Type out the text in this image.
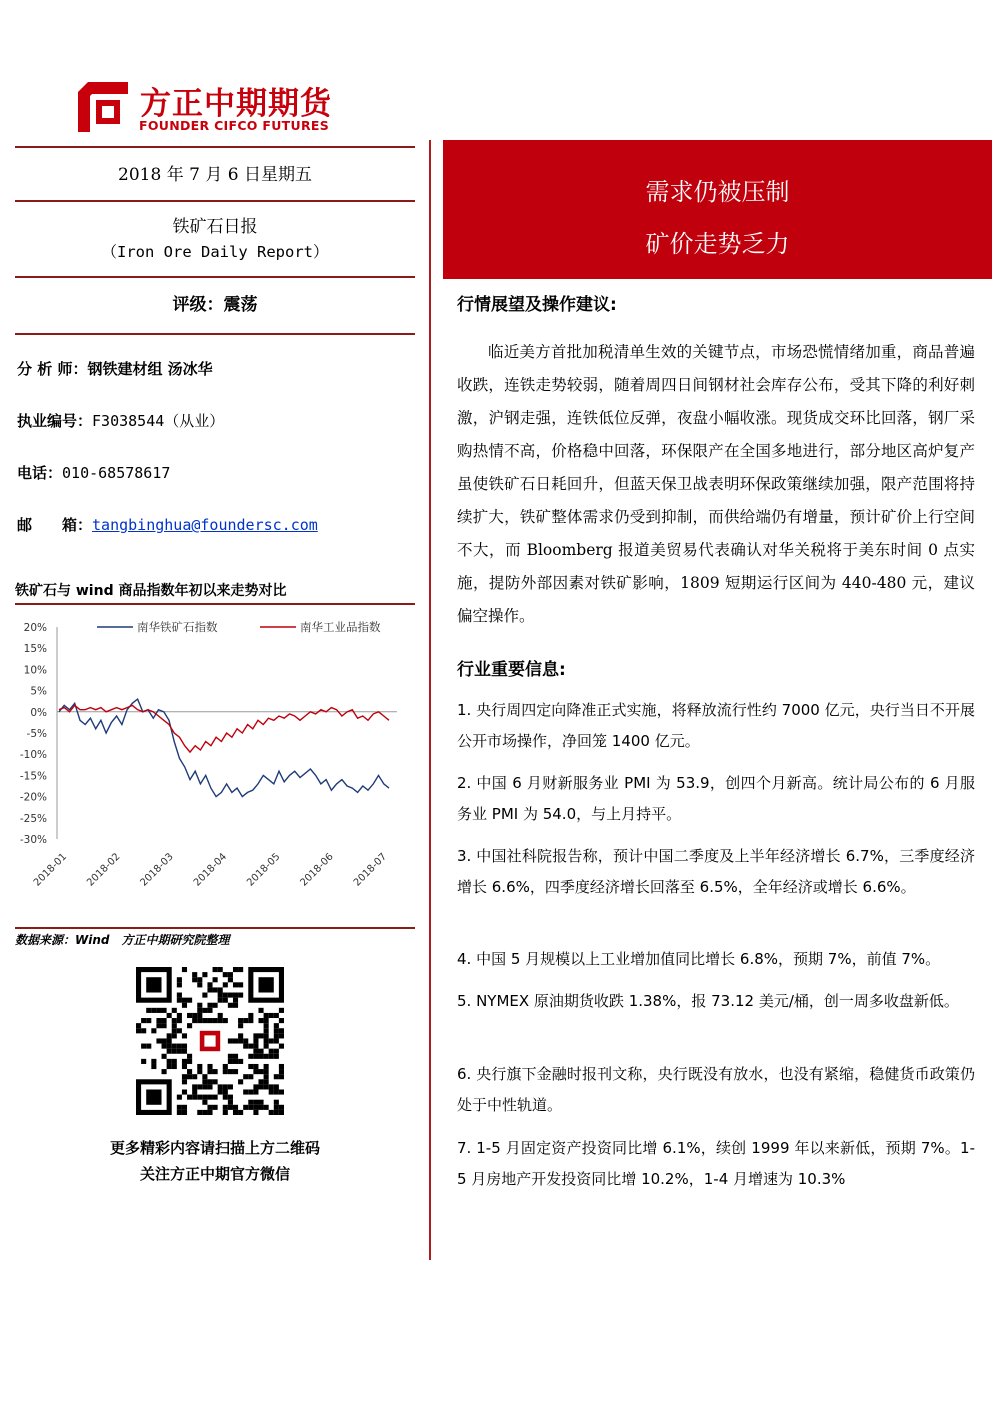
方正中期期货
FOUNDER CIFCO FUTURES
2018 年 7 月 6 日星期五
铁矿石日报
（Iron Ore Daily Report）
评级：震荡
分 析 师：钢铁建材组 汤冰华
执业编号：F3038544（从业）
电话：010-68578617
邮　　箱：tangbinghua@foundersc.com
铁矿石与 wind 商品指数年初以来走势对比
20%
15%
10%
5%
0%
-5%
-10%
-15%
-20%
-25%
-30%
2018-01 2018-02 2018-03 2018-04 2018-05 2018-06 2018-07
南华铁矿石指数	南华工业品指数
数据来源：Wind　方正中期研究院整理
更多精彩内容请扫描上方二维码
关注方正中期官方微信
需求仍被压制
矿价走势乏力
行情展望及操作建议:
临近美方首批加税清单生效的关键节点，市场恐慌情绪加重，商品普遍收跌，连铁走势较弱，随着周四日间钢材社会库存公布，受其下降的利好刺激，沪钢走强，连铁低位反弹，夜盘小幅收涨。现货成交环比回落，钢厂采购热情不高，价格稳中回落，环保限产在全国多地进行，部分地区高炉复产虽使铁矿石日耗回升，但蓝天保卫战表明环保政策继续加强，限产范围将持续扩大，铁矿整体需求仍受到抑制，而供给端仍有增量，预计矿价上行空间不大，而 Bloomberg 报道美贸易代表确认对华关税将于美东时间 0 点实施，提防外部因素对铁矿影响，1809 短期运行区间为 440-480 元，建议偏空操作。
行业重要信息:
1. 央行周四定向降准正式实施，将释放流行性约 7000 亿元，央行当日不开展公开市场操作，净回笼 1400 亿元。
2. 中国 6 月财新服务业 PMI 为 53.9，创四个月新高。统计局公布的 6 月服务业 PMI 为 54.0，与上月持平。
3. 中国社科院报告称，预计中国二季度及上半年经济增长 6.7%，三季度经济增长 6.6%，四季度经济增长回落至 6.5%，全年经济或增长 6.6%。
4. 中国 5 月规模以上工业增加值同比增长 6.8%，预期 7%，前值 7%。
5. NYMEX 原油期货收跌 1.38%，报 73.12 美元/桶，创一周多收盘新低。
6. 央行旗下金融时报刊文称，央行既没有放水，也没有紧缩，稳健货币政策仍处于中性轨道。
7. 1-5 月固定资产投资同比增 6.1%，续创 1999 年以来新低，预期 7%。1-5 月房地产开发投资同比增 10.2%，1-4 月增速为 10.3%
